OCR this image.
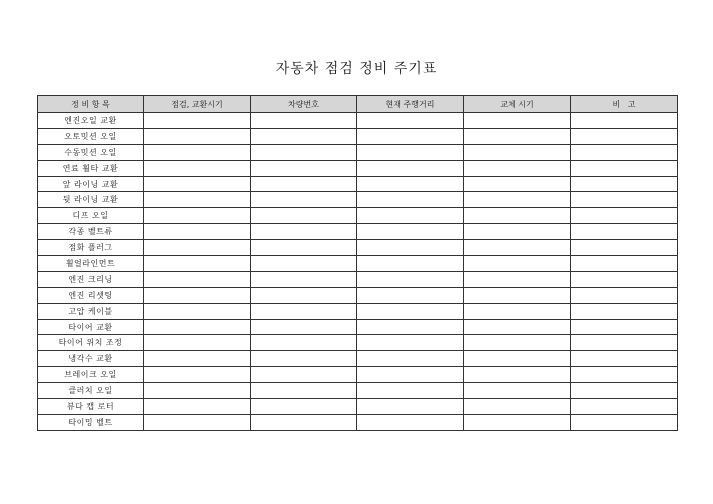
자동차 점검 정비 주기표
정 비 항 목	점검, 교환시기	차량번호	현재 주행거리	교체 시기	비   고
엔진오일 교환					
오토밋션 오일					
수동밋션 오일					
연료 휠타 교환					
앞 라이닝 교환					
뒷 라이닝 교환					
디프 오일					
각종 벨트류					
점화 플러그					
휠얼라인먼트					
엔진 크리닝					
엔진 리셋팅					
고압 케이블					
타이어 교환					
타이어 위치 조정					
냉각수 교환					
브레이크 오일					
클러치 오일					
뷰다 캡 로터					
타이밍 벨트					
